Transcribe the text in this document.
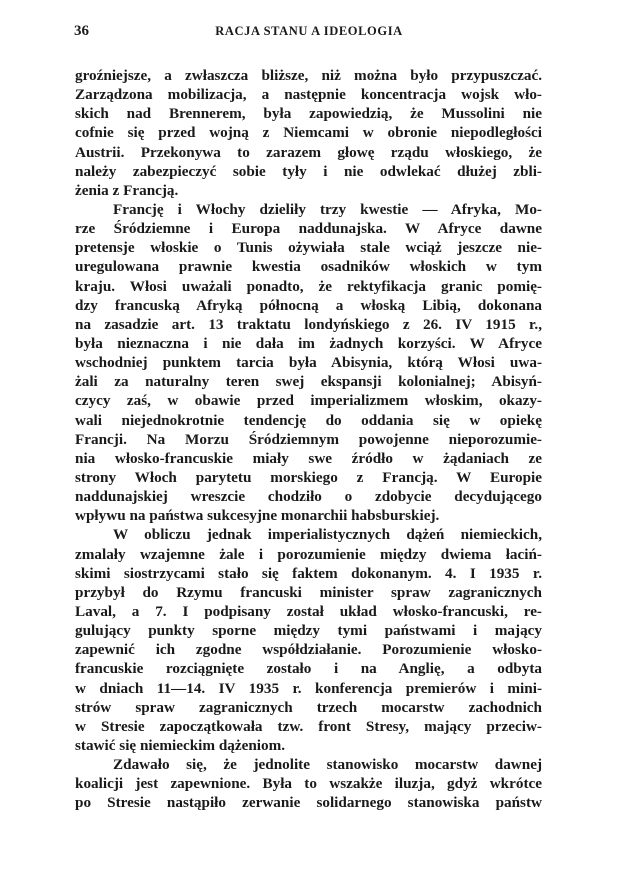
36	RACJA STANU A IDEOLOGIA
groźniejsze, a zwłaszcza bliższe, niż można było przypuszczać.
Zarządzona mobilizacja, a następnie koncentracja wojsk wło-
skich nad Brennerem, była zapowiedzią, że Mussolini nie
cofnie się przed wojną z Niemcami w obronie niepodległości
Austrii. Przekonywa to zarazem głowę rządu włoskiego, że
należy zabezpieczyć sobie tyły i nie odwlekać dłużej zbli-
żenia z Francją.
Francję i Włochy dzieliły trzy kwestie — Afryka, Mo-
rze Śródziemne i Europa naddunajska. W Afryce dawne
pretensje włoskie o Tunis ożywiała stale wciąż jeszcze nie-
uregulowana prawnie kwestia osadników włoskich w tym
kraju. Włosi uważali ponadto, że rektyfikacja granic pomię-
dzy francuską Afryką północną a włoską Libią, dokonana
na zasadzie art. 13 traktatu londyńskiego z 26. IV 1915 r.,
była nieznaczna i nie dała im żadnych korzyści. W Afryce
wschodniej punktem tarcia była Abisynia, którą Włosi uwa-
żali za naturalny teren swej ekspansji kolonialnej; Abisyń-
czycy zaś, w obawie przed imperializmem włoskim, okazy-
wali niejednokrotnie tendencję do oddania się w opiekę
Francji. Na Morzu Śródziemnym powojenne nieporozumie-
nia włosko-francuskie miały swe źródło w żądaniach ze
strony Włoch parytetu morskiego z Francją. W Europie
naddunajskiej wreszcie chodziło o zdobycie decydującego
wpływu na państwa sukcesyjne monarchii habsburskiej.
W obliczu jednak imperialistycznych dążeń niemieckich,
zmalały wzajemne żale i porozumienie między dwiema łaciń-
skimi siostrzycami stało się faktem dokonanym. 4. I 1935 r.
przybył do Rzymu francuski minister spraw zagranicznych
Laval, a 7. I podpisany został układ włosko-francuski, re-
gulujący punkty sporne między tymi państwami i mający
zapewnić ich zgodne współdziałanie. Porozumienie włosko-
francuskie rozciągnięte zostało i na Anglię, a odbyta
w dniach 11—14. IV 1935 r. konferencja premierów i mini-
strów spraw zagranicznych trzech mocarstw zachodnich
w Stresie zapoczątkowała tzw. front Stresy, mający przeciw-
stawić się niemieckim dążeniom.
Zdawało się, że jednolite stanowisko mocarstw dawnej
koalicji jest zapewnione. Była to wszakże iluzja, gdyż wkrótce
po Stresie nastąpiło zerwanie solidarnego stanowiska państw
